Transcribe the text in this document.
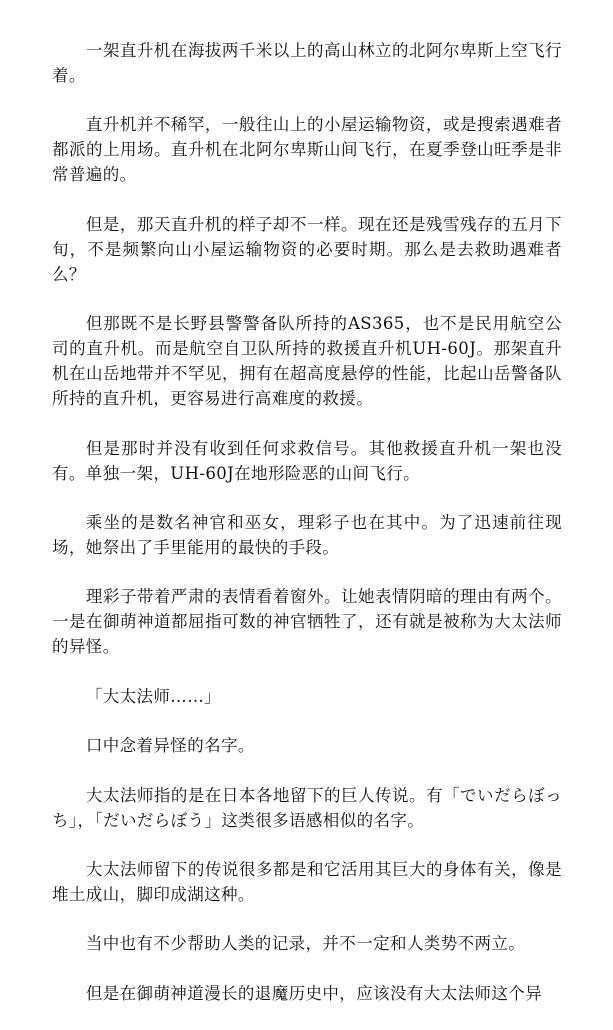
一架直升机在海拔两千米以上的高山林立的北阿尔卑斯上空飞行着。

直升机并不稀罕，一般往山上的小屋运输物资，或是搜索遇难者都派的上用场。直升机在北阿尔卑斯山间飞行，在夏季登山旺季是非常普遍的。

但是，那天直升机的样子却不一样。现在还是残雪残存的五月下旬，不是频繁向山小屋运输物资的必要时期。那么是去救助遇难者么？

但那既不是长野县警警备队所持的AS365，也不是民用航空公司的直升机。而是航空自卫队所持的救援直升机UH-60J。那架直升机在山岳地带并不罕见，拥有在超高度悬停的性能，比起山岳警备队所持的直升机，更容易进行高难度的救援。

但是那时并没有收到任何求救信号。其他救援直升机一架也没有。单独一架，UH-60J在地形险恶的山间飞行。

乘坐的是数名神官和巫女，理彩子也在其中。为了迅速前往现场，她祭出了手里能用的最快的手段。

理彩子带着严肃的表情看着窗外。让她表情阴暗的理由有两个。一是在御萌神道都屈指可数的神官牺牲了，还有就是被称为大太法师的异怪。

「大太法师……」

口中念着异怪的名字。

大太法师指的是在日本各地留下的巨人传说。有「でいだらぼっち」，「だいだらぼう」这类很多语感相似的名字。

大太法师留下的传说很多都是和它活用其巨大的身体有关，像是堆土成山，脚印成湖这种。

当中也有不少帮助人类的记录，并不一定和人类势不两立。

但是在御萌神道漫长的退魔历史中，应该没有大太法师这个异
